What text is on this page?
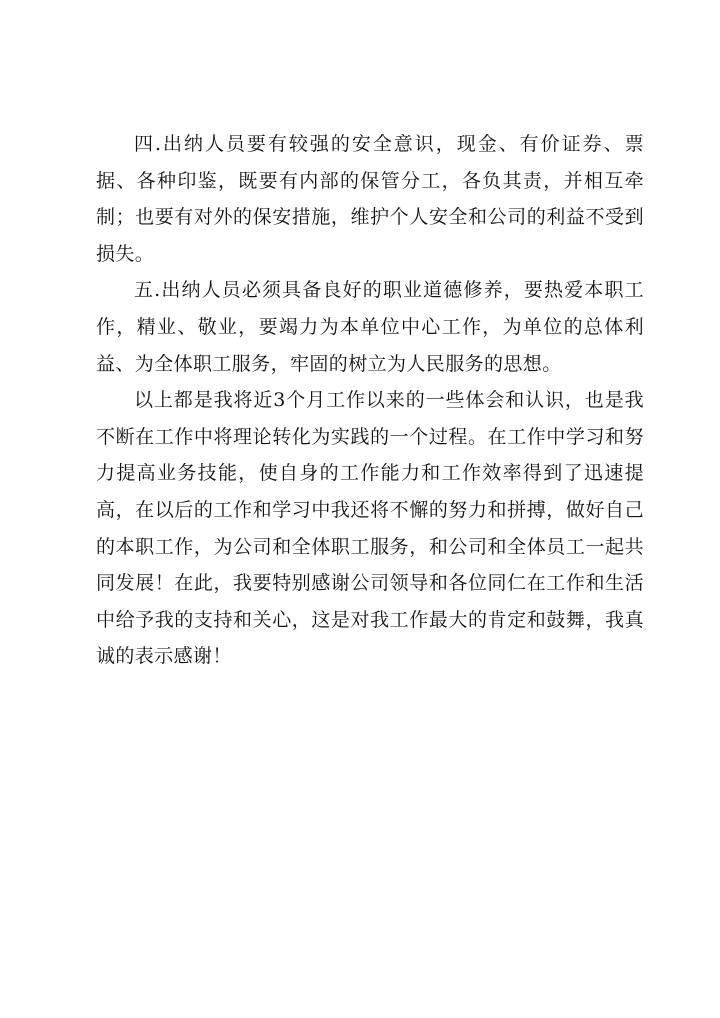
四.出纳人员要有较强的安全意识，现金、有价证券、票据、各种印鉴，既要有内部的保管分工，各负其责，并相互牵制；也要有对外的保安措施，维护个人安全和公司的利益不受到损失。

五.出纳人员必须具备良好的职业道德修养，要热爱本职工作，精业、敬业，要竭力为本单位中心工作，为单位的总体利益、为全体职工服务，牢固的树立为人民服务的思想。

以上都是我将近3个月工作以来的一些体会和认识，也是我不断在工作中将理论转化为实践的一个过程。在工作中学习和努力提高业务技能，使自身的工作能力和工作效率得到了迅速提高，在以后的工作和学习中我还将不懈的努力和拼搏，做好自己的本职工作，为公司和全体职工服务，和公司和全体员工一起共同发展！在此，我要特别感谢公司领导和各位同仁在工作和生活中给予我的支持和关心，这是对我工作最大的肯定和鼓舞，我真诚的表示感谢！
